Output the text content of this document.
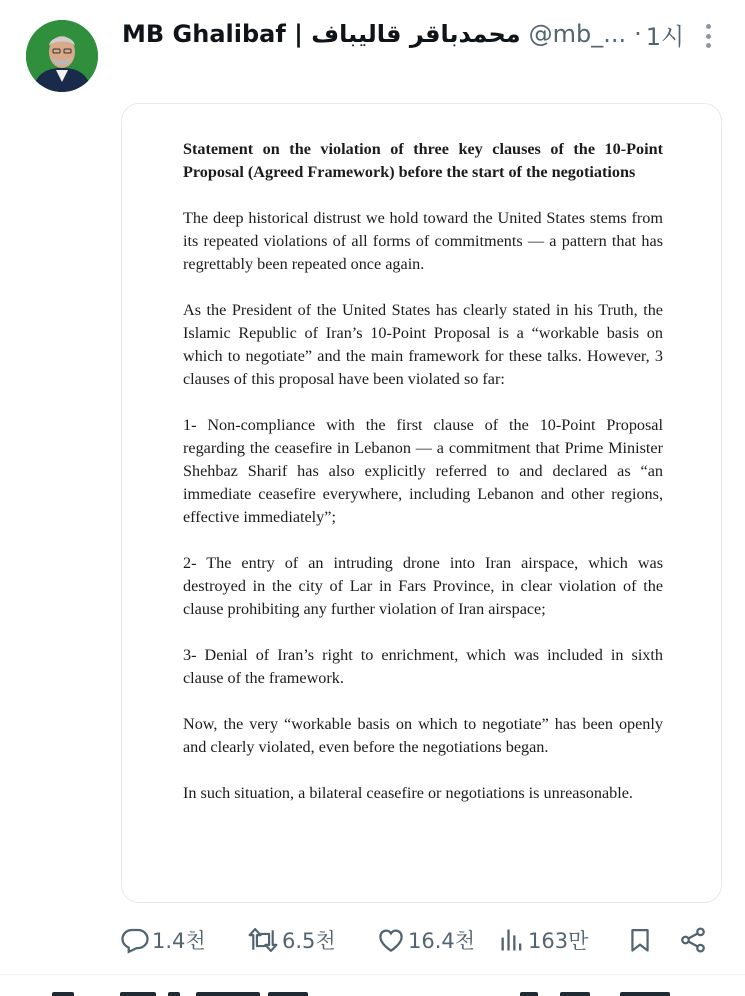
MB Ghalibaf | محمدباقر قالیباف @mb_... · 1시

Statement on the violation of three key clauses of the 10-Point Proposal (Agreed Framework) before the start of the negotiations

The deep historical distrust we hold toward the United States stems from its repeated violations of all forms of commitments — a pattern that has regrettably been repeated once again.

As the President of the United States has clearly stated in his Truth, the Islamic Republic of Iran’s 10-Point Proposal is a “workable basis on which to negotiate” and the main framework for these talks. However, 3 clauses of this proposal have been violated so far:

1- Non-compliance with the first clause of the 10-Point Proposal regarding the ceasefire in Lebanon — a commitment that Prime Minister Shehbaz Sharif has also explicitly referred to and declared as “an immediate ceasefire everywhere, including Lebanon and other regions, effective immediately”;

2- The entry of an intruding drone into Iran airspace, which was destroyed in the city of Lar in Fars Province, in clear violation of the clause prohibiting any further violation of Iran airspace;

3- Denial of Iran’s right to enrichment, which was included in sixth clause of the framework.

Now, the very “workable basis on which to negotiate” has been openly and clearly violated, even before the negotiations began.

In such situation, a bilateral ceasefire or negotiations is unreasonable.

1.4천	6.5천	16.4천	163만
